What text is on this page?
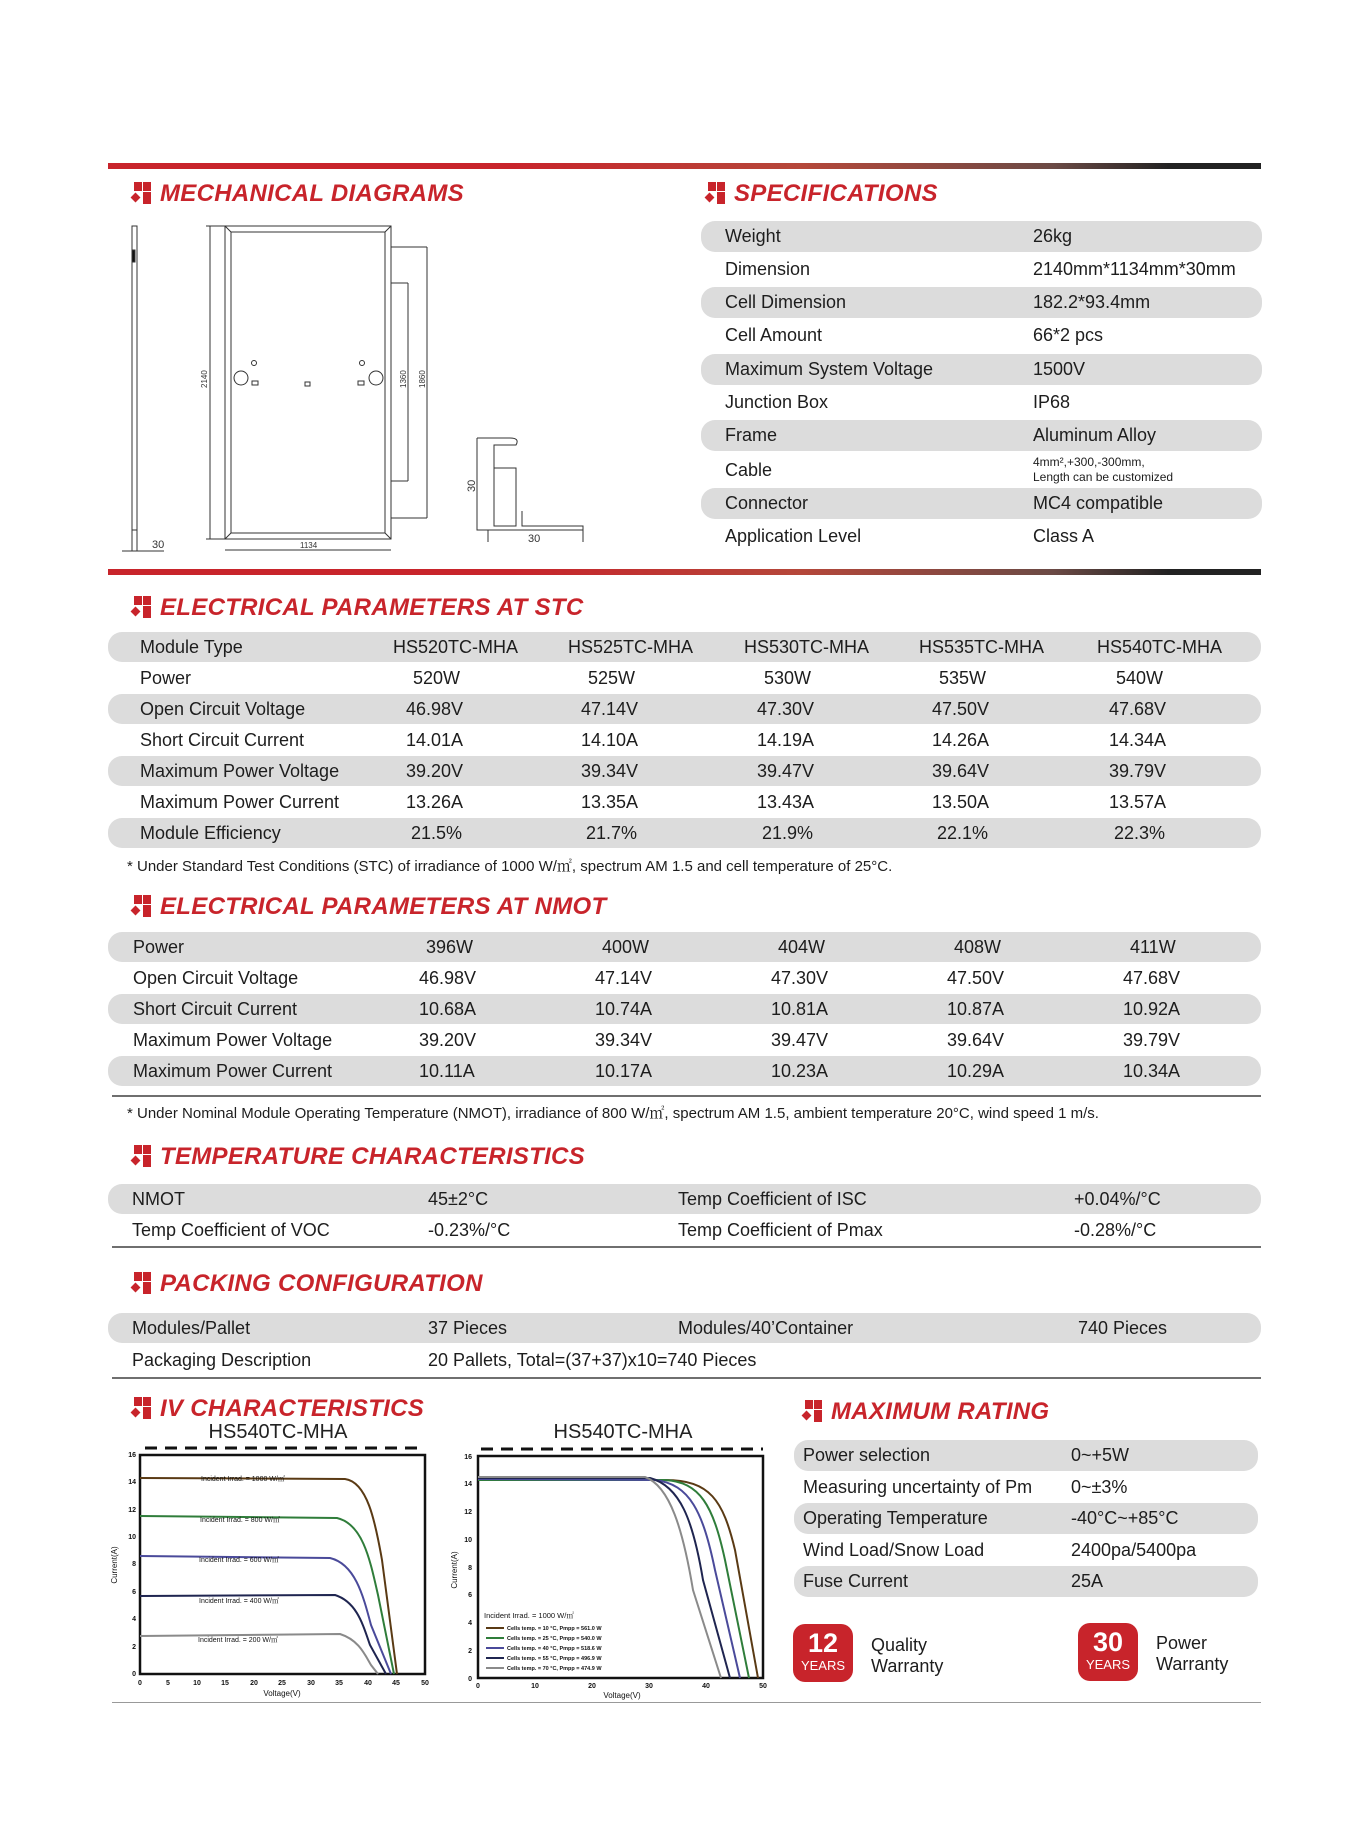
MECHANICAL DIAGRAMS
2140
1134
1860
1360
30
30
30
SPECIFICATIONS
Weight	26kg
Dimension	2140mm*1134mm*30mm
Cell Dimension	182.2*93.4mm
Cell Amount	66*2 pcs
Maximum System Voltage	1500V
Junction Box	IP68
Frame	Aluminum Alloy
Cable	4mm²,+300,-300mm,
Length can be customized
Connector	MC4 compatible
Application Level	Class A
ELECTRICAL PARAMETERS AT STC
Module Type	HS520TC-MHA	HS525TC-MHA	HS530TC-MHA	HS535TC-MHA	HS540TC-MHA
Power	520W	525W	530W	535W	540W
Open Circuit Voltage	46.98V	47.14V	47.30V	47.50V	47.68V
Short Circuit Current	14.01A	14.10A	14.19A	14.26A	14.34A
Maximum Power Voltage	39.20V	39.34V	39.47V	39.64V	39.79V
Maximum Power Current	13.26A	13.35A	13.43A	13.50A	13.57A
Module Efficiency	21.5%	21.7%	21.9%	22.1%	22.3%
* Under Standard Test Conditions (STC) of irradiance of 1000 W/㎡, spectrum AM 1.5 and cell temperature of 25°C.
ELECTRICAL PARAMETERS AT NMOT
Power	396W	400W	404W	408W	411W
Open Circuit Voltage	46.98V	47.14V	47.30V	47.50V	47.68V
Short Circuit Current	10.68A	10.74A	10.81A	10.87A	10.92A
Maximum Power Voltage	39.20V	39.34V	39.47V	39.64V	39.79V
Maximum Power Current	10.11A	10.17A	10.23A	10.29A	10.34A
* Under Nominal Module Operating Temperature (NMOT), irradiance of 800 W/㎡, spectrum AM 1.5, ambient temperature 20°C, wind speed 1 m/s.
TEMPERATURE CHARACTERISTICS
NMOT	45±2°C	Temp Coefficient of ISC	+0.04%/°C
Temp Coefficient of VOC	-0.23%/°C	Temp Coefficient of Pmax	-0.28%/°C
PACKING CONFIGURATION
Modules/Pallet	37 Pieces	Modules/40’Container	740 Pieces
Packaging Description	20 Pallets, Total=(37+37)x10=740 Pieces
IV CHARACTERISTICS
HS540TC-MHA
0
2
4
6
8
10
12
14
16
0	5	10	15	20	25	30	35	40	45	50
Voltage(V)
Current(A)
Incident Irrad. = 1000 W/㎡
Incident Irrad. = 800 W/㎡
Incident Irrad. = 600 W/㎡
Incident Irrad. = 400 W/㎡
Incident Irrad. = 200 W/㎡
HS540TC-MHA
0
2
4
6
8
10
12
14
16
0	10	20	30	40	50
Voltage(V)
Current(A)
Incident Irrad. = 1000 W/㎡
Cells temp. = 10 °C, Pmpp = 561.0 W
Cells temp. = 25 °C, Pmpp = 540.0 W
Cells temp. = 40 °C, Pmpp = 518.6 W
Cells temp. = 55 °C, Pmpp = 496.9 W
Cells temp. = 70 °C, Pmpp = 474.9 W
MAXIMUM RATING
Power selection	0~+5W
Measuring uncertainty of Pm 0~±3%
Operating Temperature	-40°C~+85°C
Wind Load/Snow Load	2400pa/5400pa
Fuse Current	25A
12
YEARS
Quality
Warranty
30
YEARS
Power
Warranty
